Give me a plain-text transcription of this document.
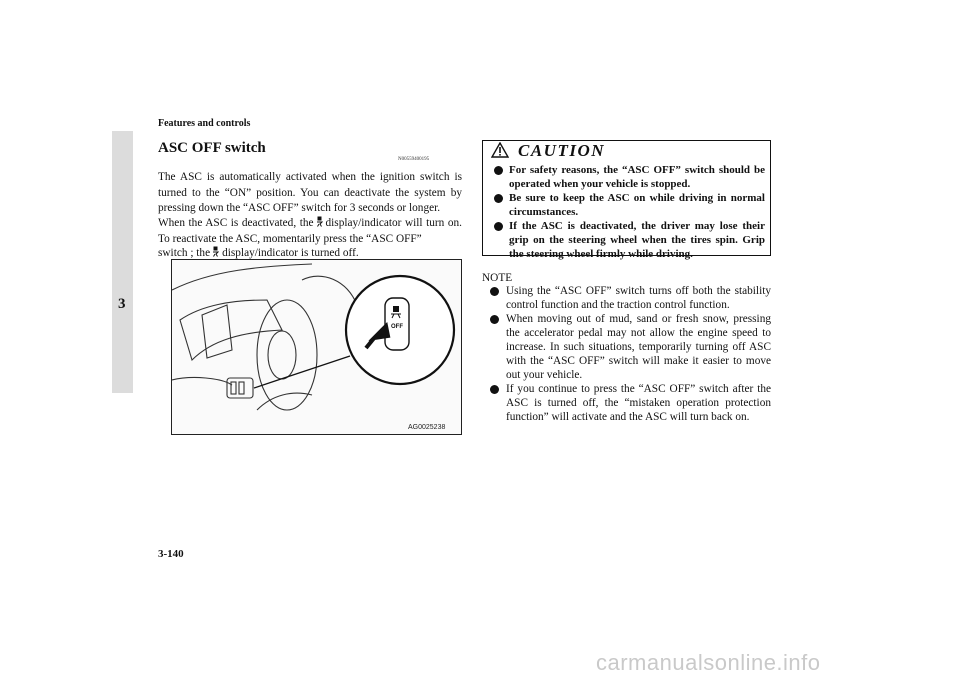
Features and controls
3
ASC OFF switch
N00559400195

The ASC is automatically activated when the ignition switch is turned to the “ON” position. You can deactivate the system by pressing down the “ASC OFF” switch for 3 seconds or longer.

When the ASC is deactivated, the display/indicator will turn on. To reactivate the ASC, momentarily press the “ASC OFF”

switch ; the display/indicator is turned off.

OFF
AG0025238
CAUTION
For safety reasons, the “ASC OFF” switch should be operated when your vehicle is stopped.
Be sure to keep the ASC on while driving in normal circumstances.
If the ASC is deactivated, the driver may lose their grip on the steering wheel when the tires spin. Grip the steering wheel firmly while driving.
NOTE
Using the “ASC OFF” switch turns off both the stability control function and the traction control function.
When moving out of mud, sand or fresh snow, pressing the accelerator pedal may not allow the engine speed to increase. In such situations, temporarily turning off ASC with the “ASC OFF” switch will make it easier to move out your vehicle.
If you continue to press the “ASC OFF” switch after the ASC is turned off, the “mistaken operation protection function” will activate and the ASC will turn back on.
3-140
carmanualsonline.info
